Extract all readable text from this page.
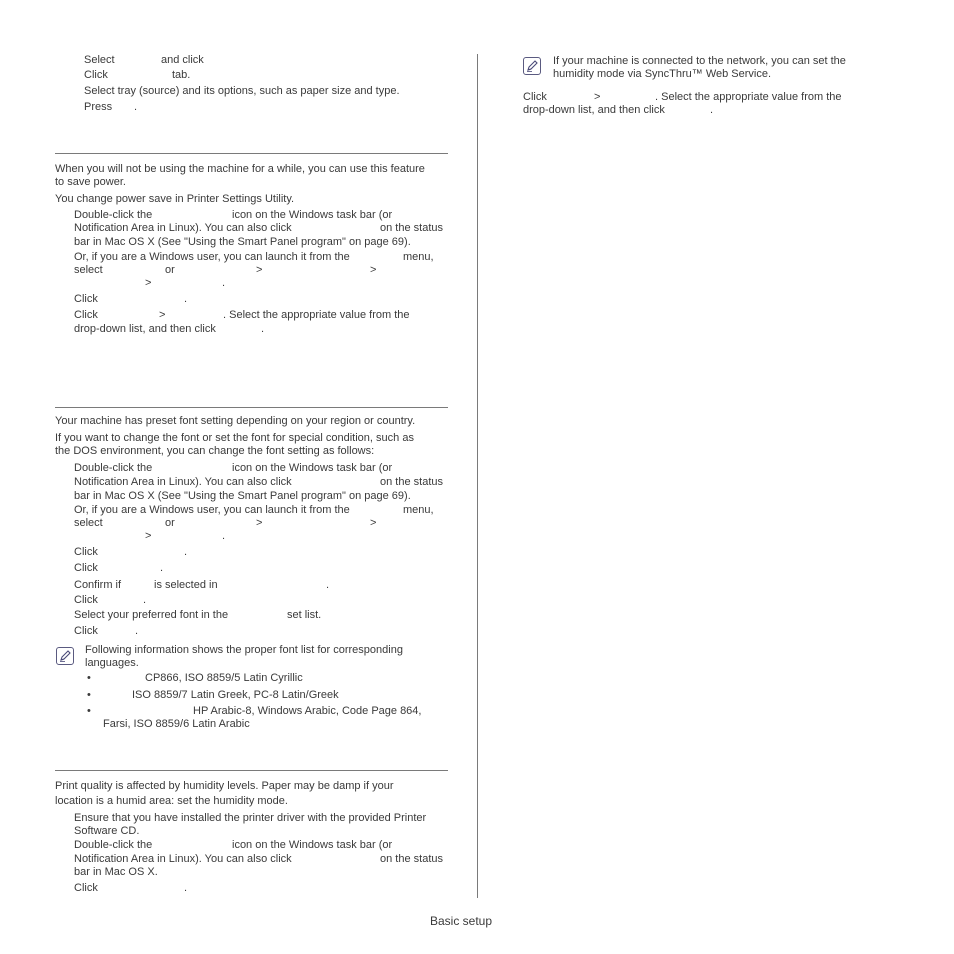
Select	and click
Click	tab.
Select tray (source) and its options, such as paper size and type.
Press .
When you will not be using the machine for a while, you can use this feature
to save power.
You change power save in Printer Settings Utility.
Double-click the	icon on the Windows task bar (or
Notification Area in Linux). You can also click	on the status
bar in Mac OS X (See "Using the Smart Panel program" on page 69).
Or, if you are a Windows user, you can launch it from the	menu,
select	or	>	>
>	.
Click	.
Click	>	. Select the appropriate value from the
drop-down list, and then click	.
Your machine has preset font setting depending on your region or country.
If you want to change the font or set the font for special condition, such as
the DOS environment, you can change the font setting as follows:
Double-click the	icon on the Windows task bar (or
Notification Area in Linux). You can also click	on the status
bar in Mac OS X (See "Using the Smart Panel program" on page 69).
Or, if you are a Windows user, you can launch it from the	menu,
select	or	>	>
>	.
Click	.
Click	.
Confirm if	is selected in	.
Click	.
Select your preferred font in the	set list.
Click	.
Following information shows the proper font list for corresponding
languages.
•	CP866, ISO 8859/5 Latin Cyrillic
•	ISO 8859/7 Latin Greek, PC-8 Latin/Greek
•	HP Arabic-8, Windows Arabic, Code Page 864,
Farsi, ISO 8859/6 Latin Arabic
Print quality is affected by humidity levels. Paper may be damp if your
location is a humid area: set the humidity mode.
Ensure that you have installed the printer driver with the provided Printer
Software CD.
Double-click the	icon on the Windows task bar (or
Notification Area in Linux). You can also click	on the status
bar in Mac OS X.
Click	.
If your machine is connected to the network, you can set the
humidity mode via SyncThru™ Web Service.
Click	>	. Select the appropriate value from the
drop-down list, and then click	.
Basic setup
